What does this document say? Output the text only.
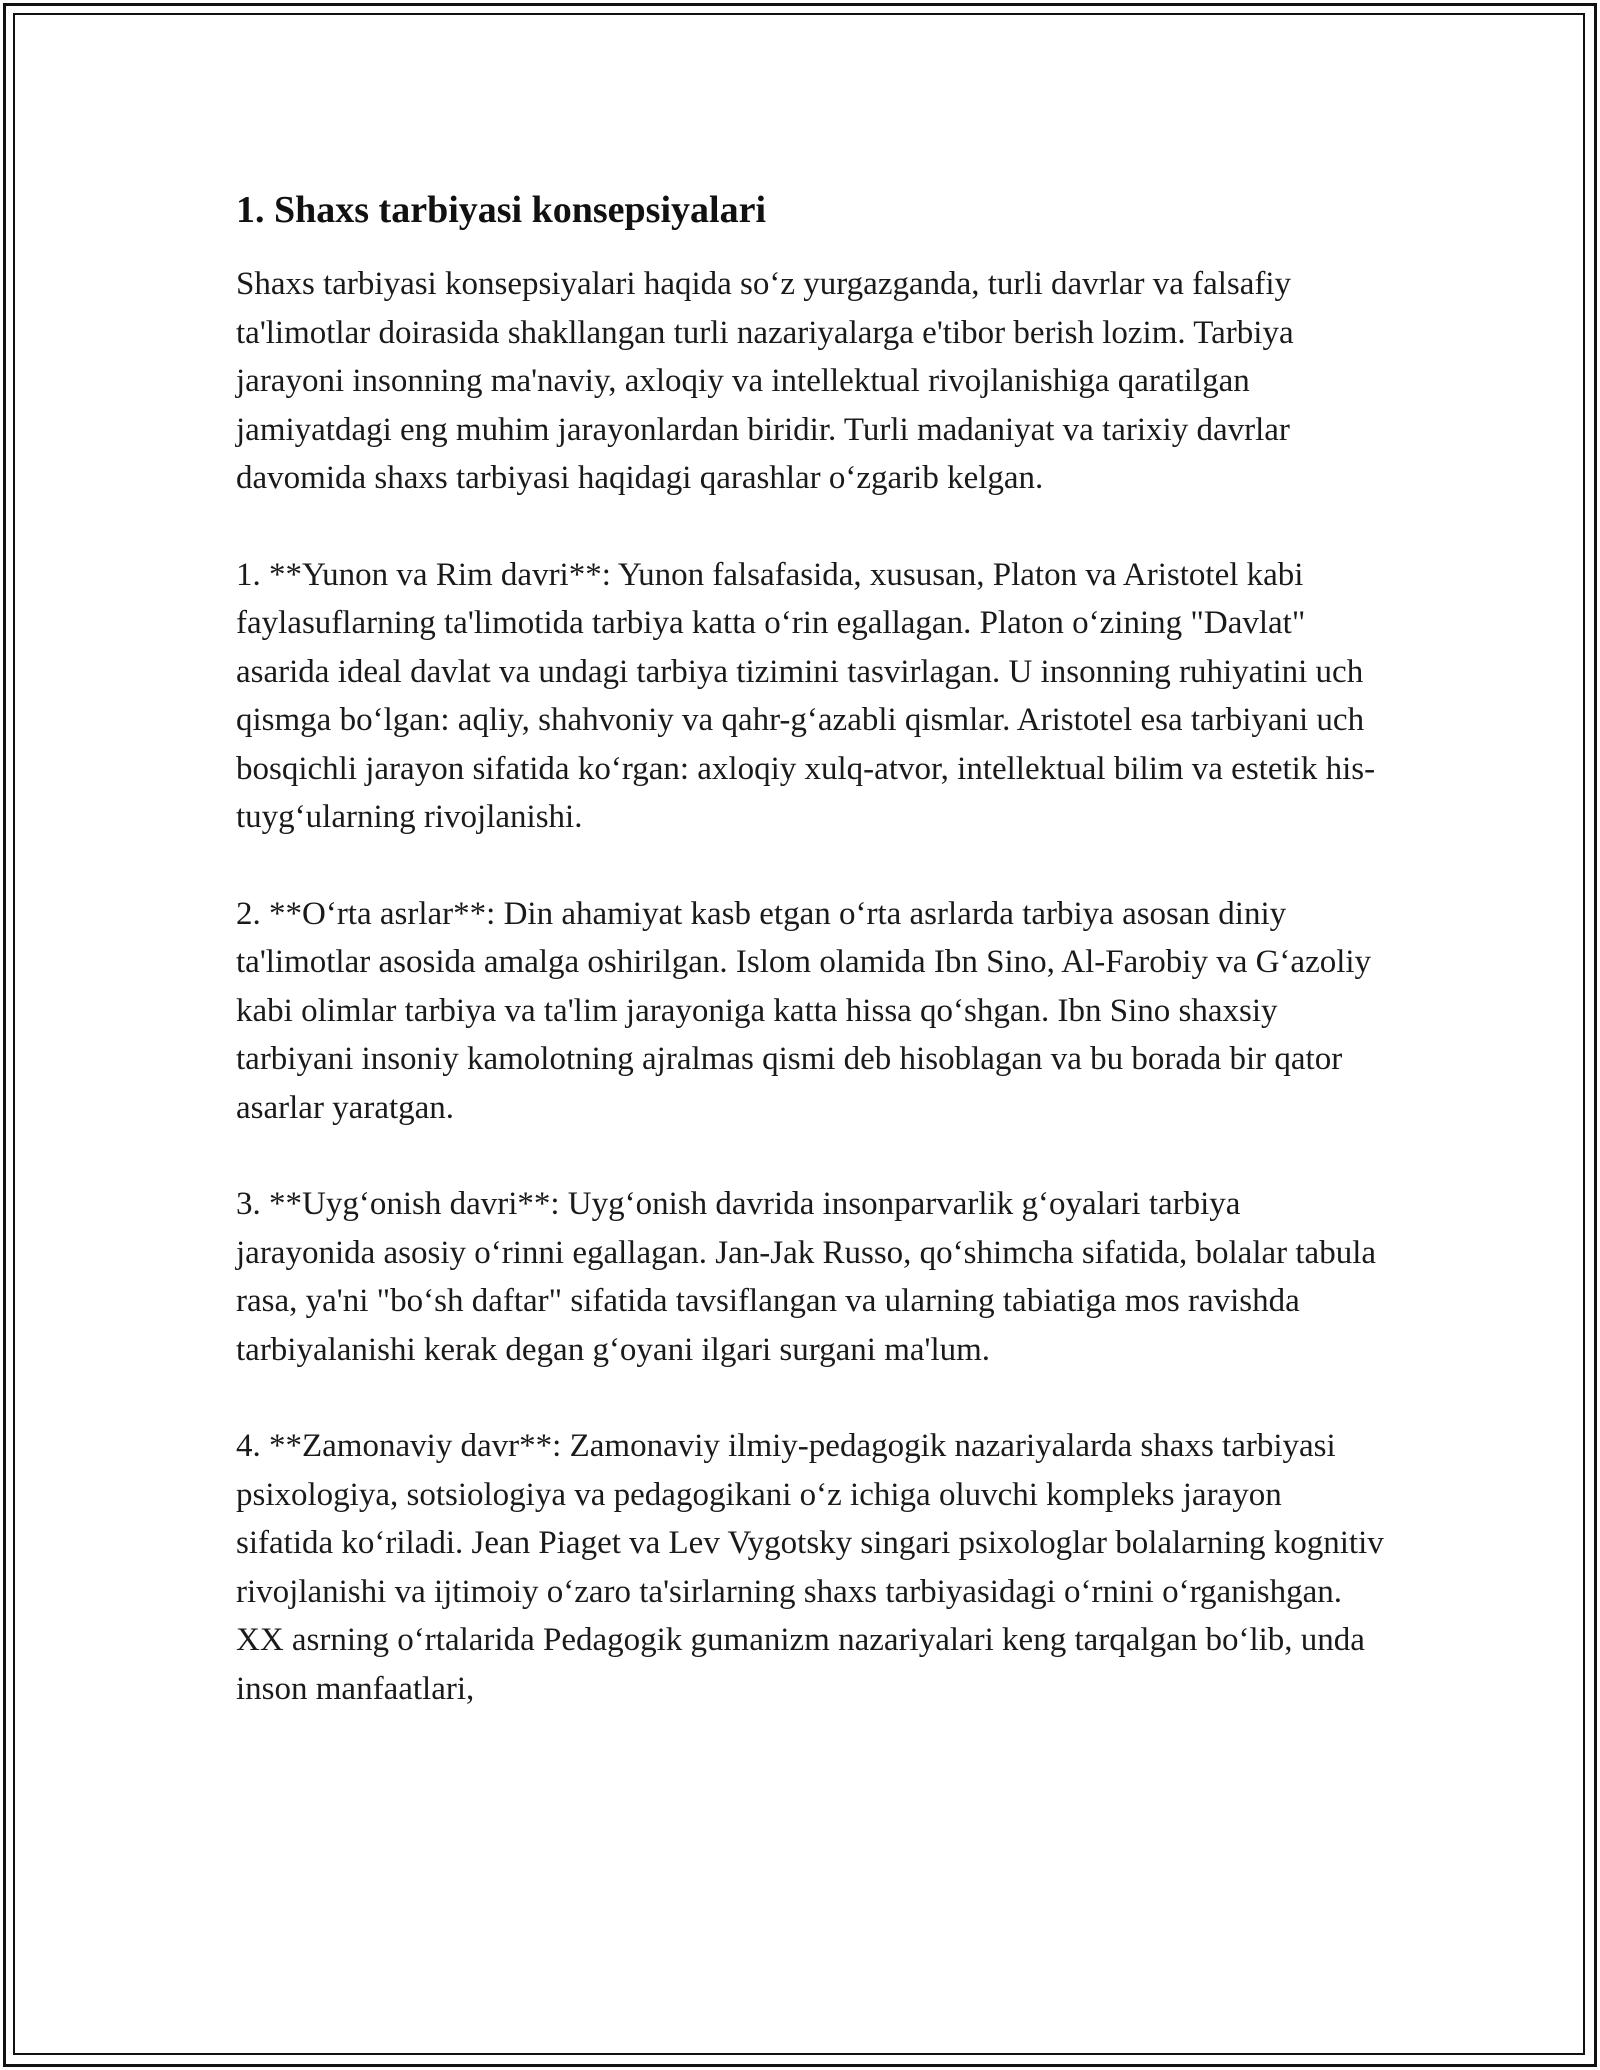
1. Shaxs tarbiyasi konsepsiyalari

Shaxs tarbiyasi konsepsiyalari haqida so‘z yurgazganda, turli davrlar va falsafiy ta'limotlar doirasida shakllangan turli nazariyalarga e'tibor berish lozim. Tarbiya jarayoni insonning ma'naviy, axloqiy va intellektual rivojlanishiga qaratilgan jamiyatdagi eng muhim jarayonlardan biridir. Turli madaniyat va tarixiy davrlar davomida shaxs tarbiyasi haqidagi qarashlar o‘zgarib kelgan.

1. **Yunon va Rim davri**: Yunon falsafasida, xususan, Platon va Aristotel kabi faylasuflarning ta'limotida tarbiya katta o‘rin egallagan. Platon o‘zining "Davlat" asarida ideal davlat va undagi tarbiya tizimini tasvirlagan. U insonning ruhiyatini uch qismga bo‘lgan: aqliy, shahvoniy va qahr-g‘azabli qismlar. Aristotel esa tarbiyani uch bosqichli jarayon sifatida ko‘rgan: axloqiy xulq-atvor, intellektual bilim va estetik his-tuyg‘ularning rivojlanishi.

2. **O‘rta asrlar**: Din ahamiyat kasb etgan o‘rta asrlarda tarbiya asosan diniy ta'limotlar asosida amalga oshirilgan. Islom olamida Ibn Sino, Al-Farobiy va G‘azoliy kabi olimlar tarbiya va ta'lim jarayoniga katta hissa qo‘shgan. Ibn Sino shaxsiy tarbiyani insoniy kamolotning ajralmas qismi deb hisoblagan va bu borada bir qator asarlar yaratgan.

3. **Uyg‘onish davri**: Uyg‘onish davrida insonparvarlik g‘oyalari tarbiya jarayonida asosiy o‘rinni egallagan. Jan-Jak Russo, qo‘shimcha sifatida, bolalar tabula rasa, ya'ni "bo‘sh daftar" sifatida tavsiflangan va ularning tabiatiga mos ravishda tarbiyalanishi kerak degan g‘oyani ilgari surgani ma'lum.

4. **Zamonaviy davr**: Zamonaviy ilmiy-pedagogik nazariyalarda shaxs tarbiyasi psixologiya, sotsiologiya va pedagogikani o‘z ichiga oluvchi kompleks jarayon sifatida ko‘riladi. Jean Piaget va Lev Vygotsky singari psixologlar bolalarning kognitiv rivojlanishi va ijtimoiy o‘zaro ta'sirlarning shaxs tarbiyasidagi o‘rnini o‘rganishgan. XX asrning o‘rtalarida Pedagogik gumanizm nazariyalari keng tarqalgan bo‘lib, unda inson manfaatlari,
